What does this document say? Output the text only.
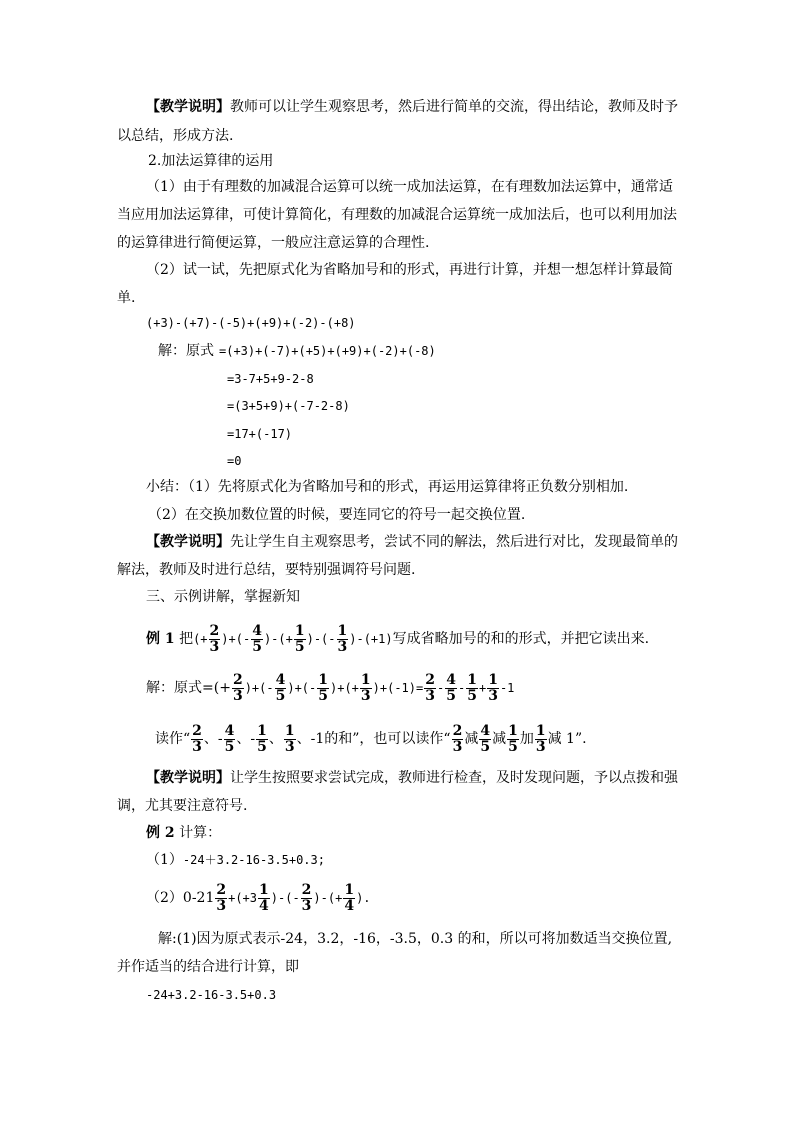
【教学说明】教师可以让学生观察思考，然后进行简单的交流，得出结论，教师及时予
以总结，形成方法.
2.加法运算律的运用
（1）由于有理数的加减混合运算可以统一成加法运算，在有理数加法运算中，通常适
当应用加法运算律，可使计算简化，有理数的加减混合运算统一成加法后，也可以利用加法
的运算律进行简便运算，一般应注意运算的合理性.
（2）试一试，先把原式化为省略加号和的形式，再进行计算，并想一想怎样计算最简
单.
(+3)-(+7)-(-5)+(+9)+(-2)-(+8)
解：原式 =(+3)+(-7)+(+5)+(+9)+(-2)+(-8)
=3-7+5+9-2-8
=(3+5+9)+(-7-2-8)
=17+(-17)
=0
小结：（1）先将原式化为省略加号和的形式，再运用运算律将正负数分别相加.
（2）在交换加数位置的时候，要连同它的符号一起交换位置.
【教学说明】先让学生自主观察思考，尝试不同的解法，然后进行对比，发现最简单的
解法，教师及时进行总结，要特别强调符号问题.
三、示例讲解，掌握新知
例 1
把 (+ $\frac{2}{3}$ )+(- $\frac{4}{5}$ )-(+ $\frac{1}{5}$ )-(- $\frac{1}{3} )-(+1)$ 写成省略加号的和的形式，并把它读出来.
解：原式=(+ $\frac{2}{3}$ )+(- $\frac{4}{5}$ )+(- $\frac{1}{5}$ )+(+ $\frac{1}{3} )+(-1)= \frac{2}{3} - \frac{4}{5} - \frac{1}{5} + \frac{1}{3} -1$
读作“ $\frac{2}{3}$ 、- $\frac{4}{5}$ 、- $\frac{1}{5}$ 、 $\frac{1}{3}$ 、-1的和”，也可以读作“ $\frac{2}{3}$ 减 $\frac{4}{5}$ 减 $\frac{1}{5}$ 加 $\frac{1}{3}$ 减 1”.
【教学说明】让学生按照要求尝试完成，教师进行检查，及时发现问题，予以点拨和强
调，尤其要注意符号.
例 2 计算：
（1）-24＋3.2-16-3.5+0.3;
$(2)0-21 \frac{2}{3} +(+3 \frac{1}{4}$ )-(- $\frac{2}{3}$ )-(+ $\frac{1}{4}$ ).
解:(1)因为原式表示-24，3.2，-16，-3.5，0.3 的和，所以可将加数适当交换位置,
并作适当的结合进行计算，即
-24+3.2-16-3.5+0.3
